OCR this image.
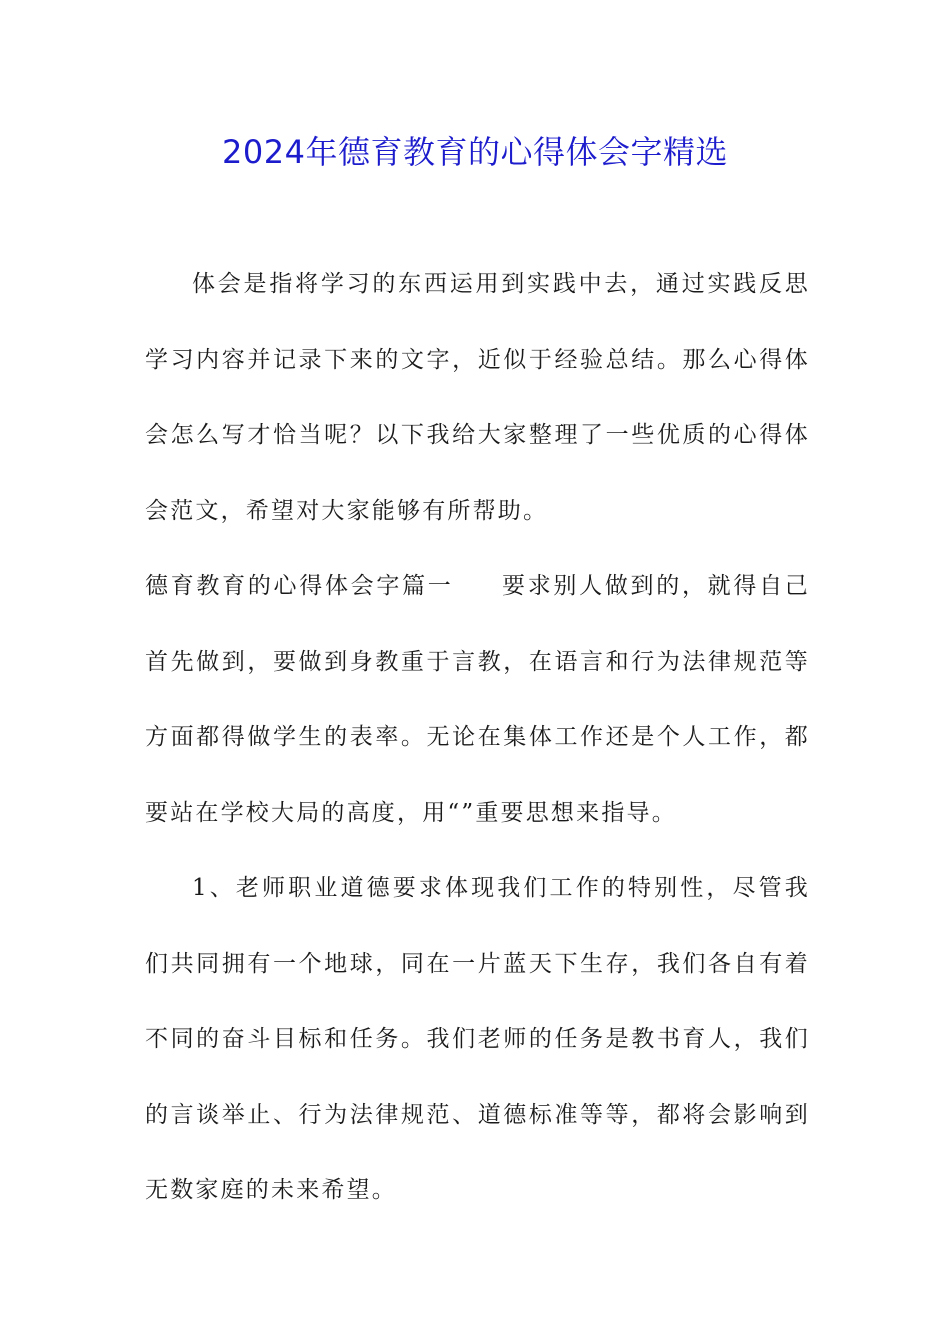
2024年德育教育的心得体会字精选

体会是指将学习的东西运用到实践中去，通过实践反思学习内容并记录下来的文字，近似于经验总结。那么心得体会怎么写才恰当呢？以下我给大家整理了一些优质的心得体会范文，希望对大家能够有所帮助。

德育教育的心得体会字篇一 要求别人做到的，就得自己首先做到，要做到身教重于言教，在语言和行为法律规范等方面都得做学生的表率。无论在集体工作还是个人工作，都要站在学校大局的高度，用“”重要思想来指导。

1、老师职业道德要求体现我们工作的特别性，尽管我们共同拥有一个地球，同在一片蓝天下生存，我们各自有着不同的奋斗目标和任务。我们老师的任务是教书育人，我们的言谈举止、行为法律规范、道德标准等等，都将会影响到无数家庭的未来希望。
